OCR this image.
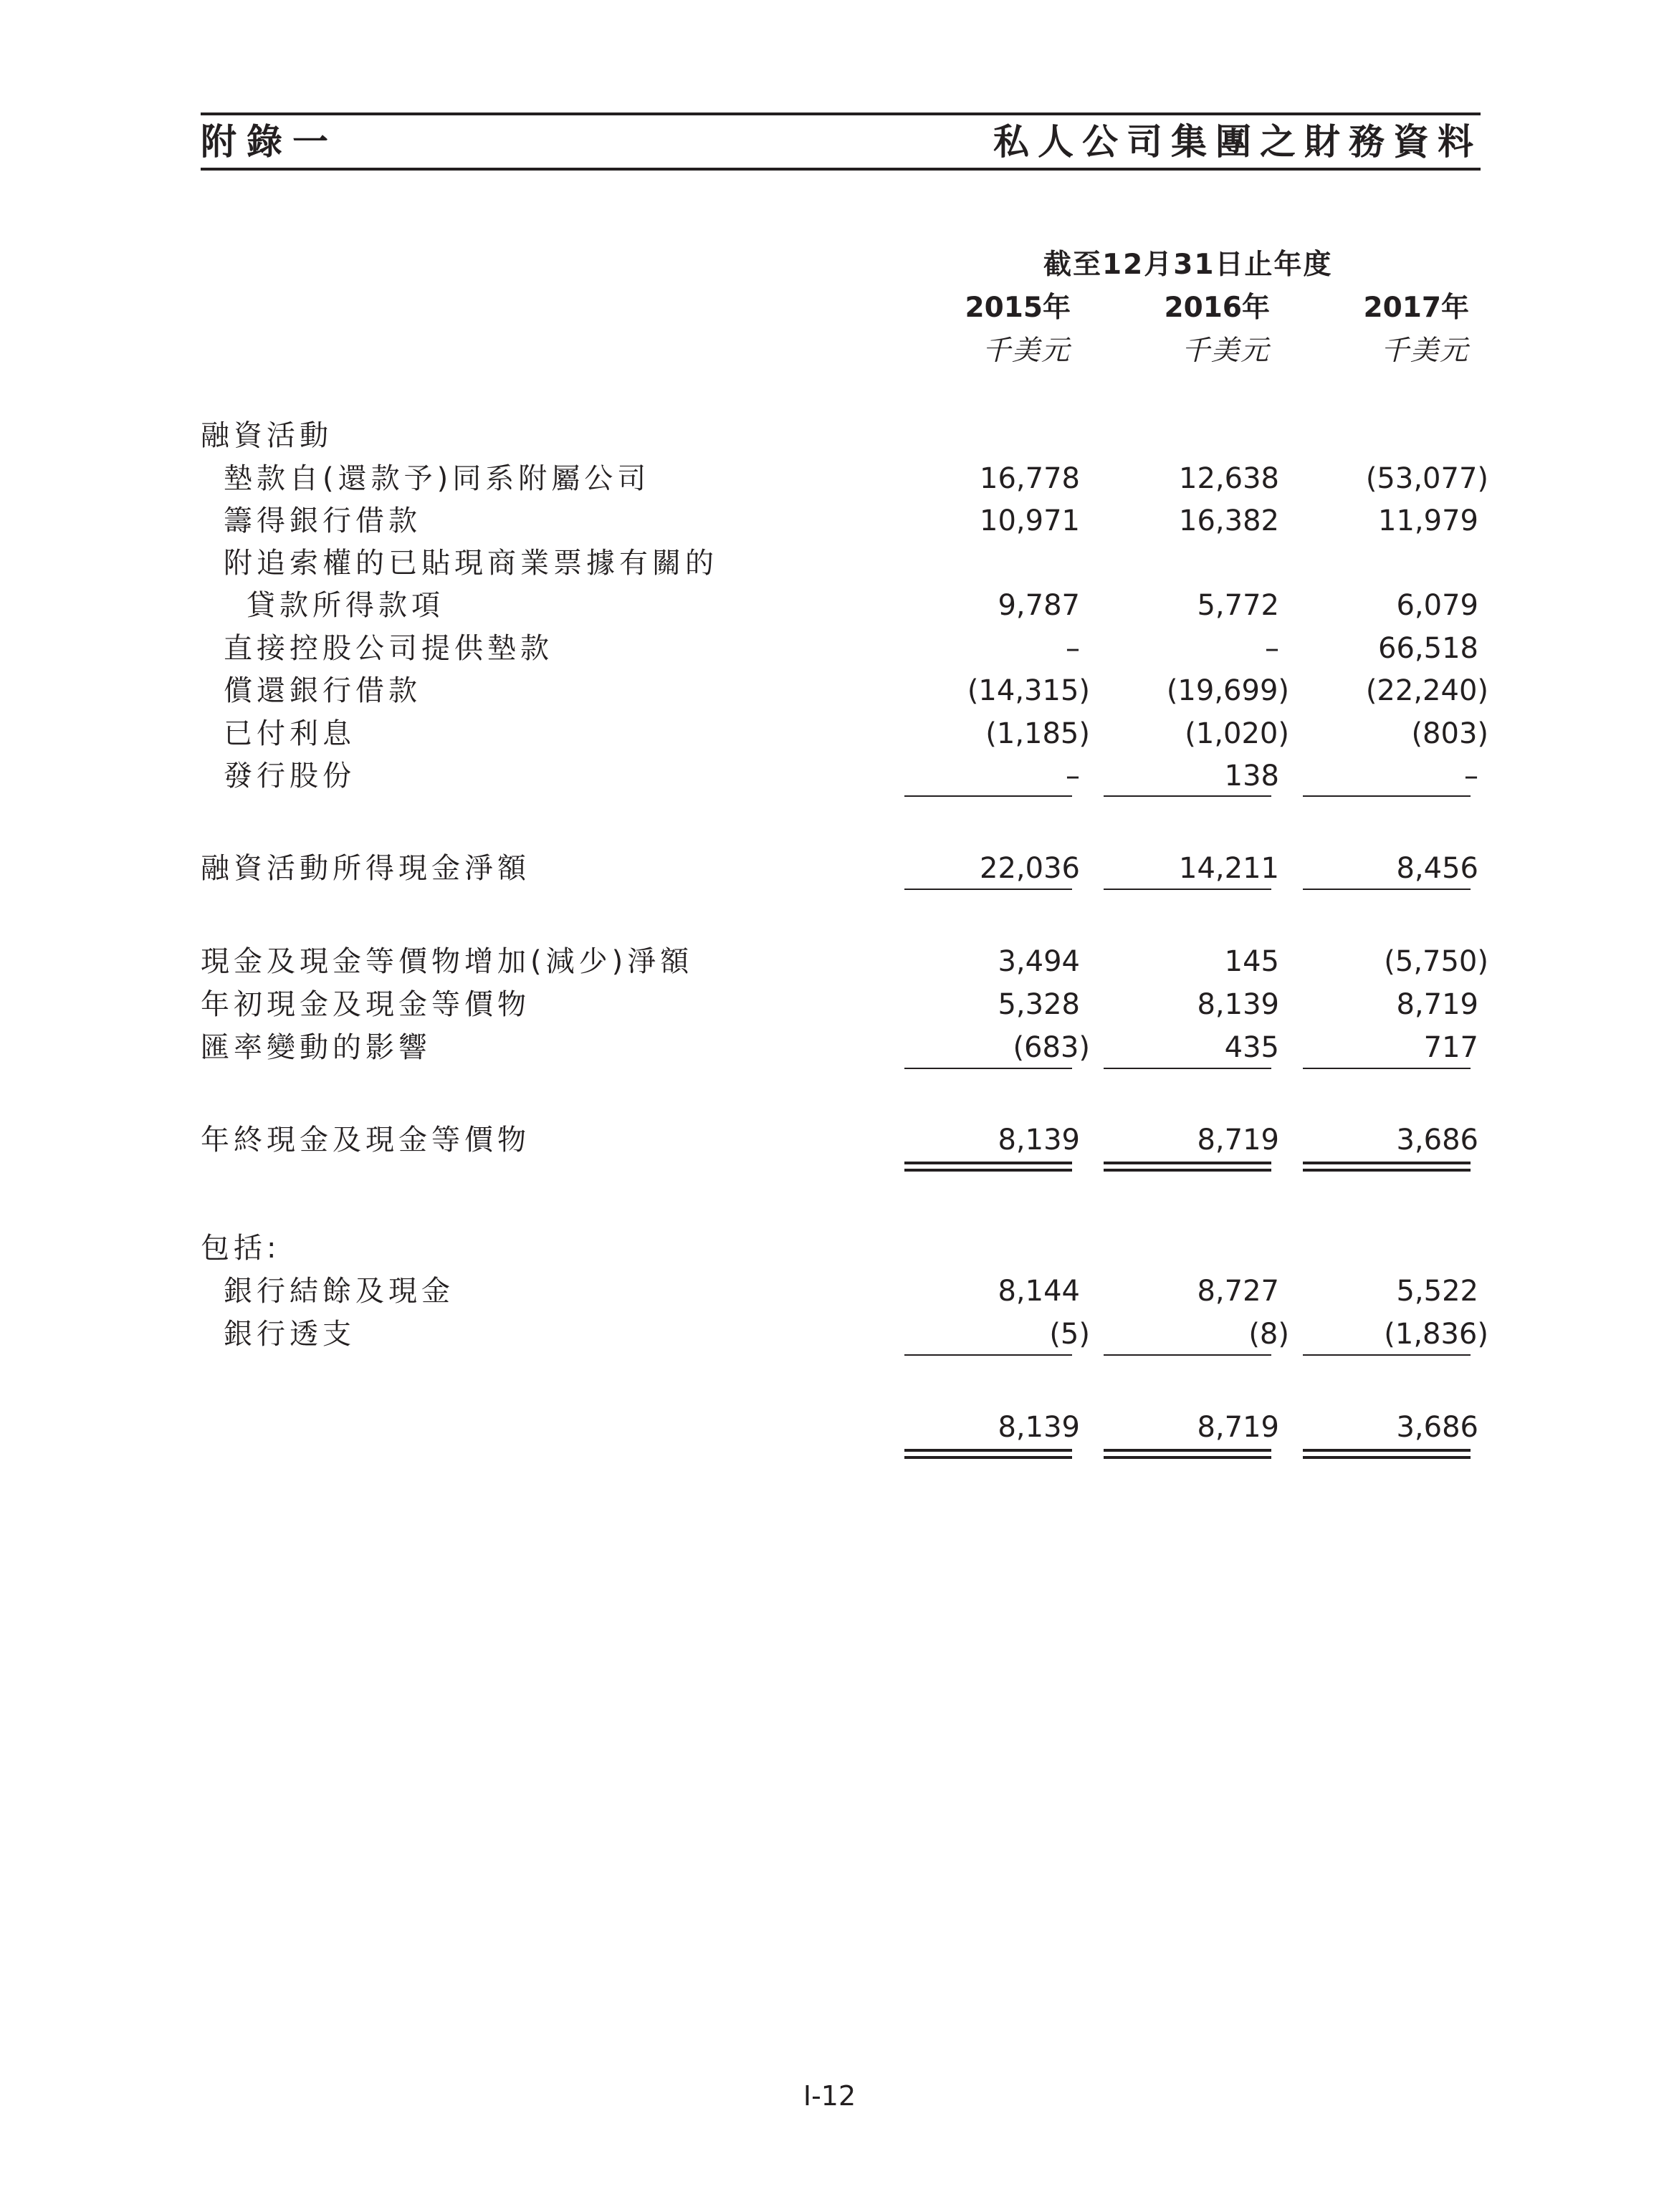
附錄一	私人公司集團之財務資料
截至12月31日止年度
2015年	2016年	2017年
千美元	千美元	千美元
融資活動
墊款自(還款予)同系附屬公司	16,778	12,638	(53,077)
籌得銀行借款	10,971	16,382	11,979
附追索權的已貼現商業票據有關的
貸款所得款項	9,787	5,772	6,079
直接控股公司提供墊款	–	–	66,518
償還銀行借款	(14,315)	(19,699)	(22,240)
已付利息	(1,185)	(1,020)	(803)
發行股份	–	138	–
融資活動所得現金淨額	22,036	14,211	8,456
現金及現金等價物增加(減少)淨額	3,494	145	(5,750)
年初現金及現金等價物	5,328	8,139	8,719
匯率變動的影響	(683)	435	717
年終現金及現金等價物	8,139	8,719	3,686
包括:
銀行結餘及現金	8,144	8,727	5,522
銀行透支	(5)	(8)	(1,836)
8,139	8,719	3,686
I-12
